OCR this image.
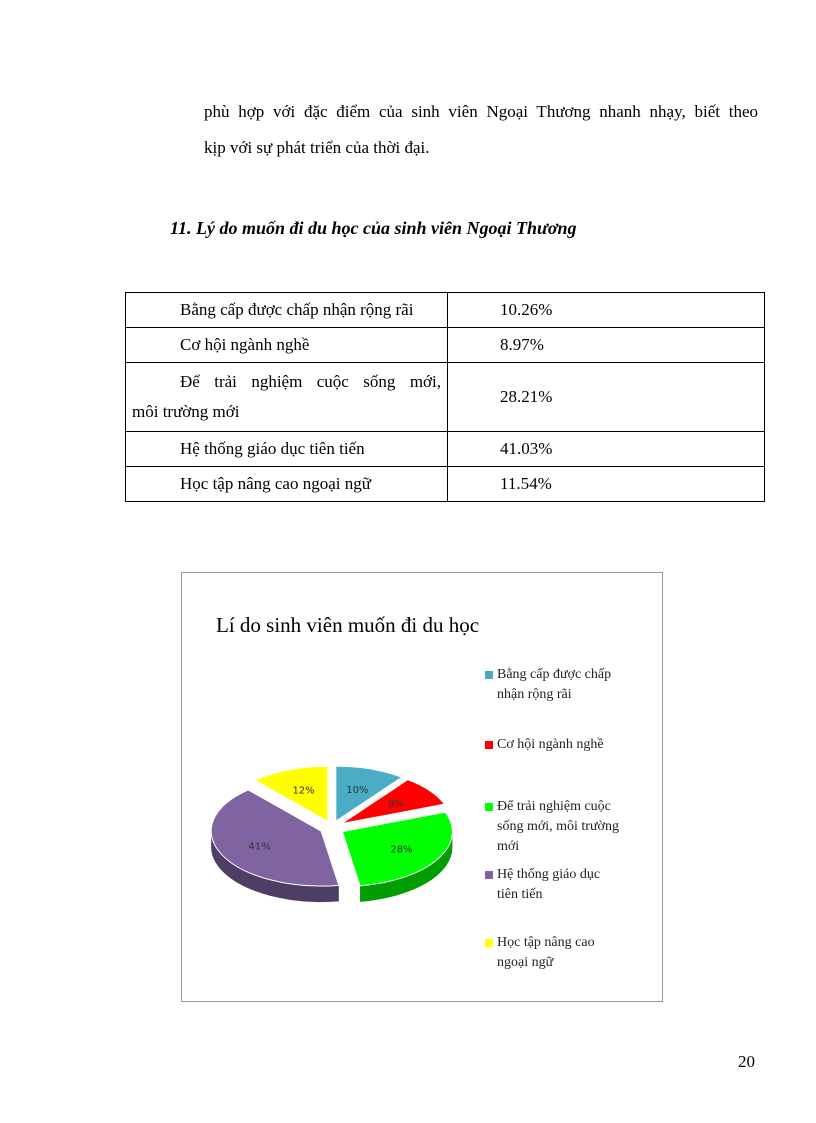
phù hợp với đặc điểm của sinh viên Ngoại Thương nhanh nhạy, biết theo

kịp với sự phát triển của thời đại.

11. Lý do muốn đi du học của sinh viên Ngoại Thương
Bằng cấp được chấp nhận rộng rãi	10.26%

Cơ hội ngành nghề	8.97%

Để trải nghiệm cuộc sống mới,
môi trường mới	28.21%

Hệ thống giáo dục tiên tiến	41.03%

Học tập nâng cao ngoại ngữ	11.54%
10%
9%
28%
41%
12%
Lí do sinh viên muốn đi du học
Bằng cấp được chấp
nhận rộng rãi
Cơ hội ngành nghề
Để trải nghiệm cuộc
sống mới, môi trường
mới
Hệ thống giáo dục
tiên tiến
Học tập nâng cao
ngoại ngữ
20
